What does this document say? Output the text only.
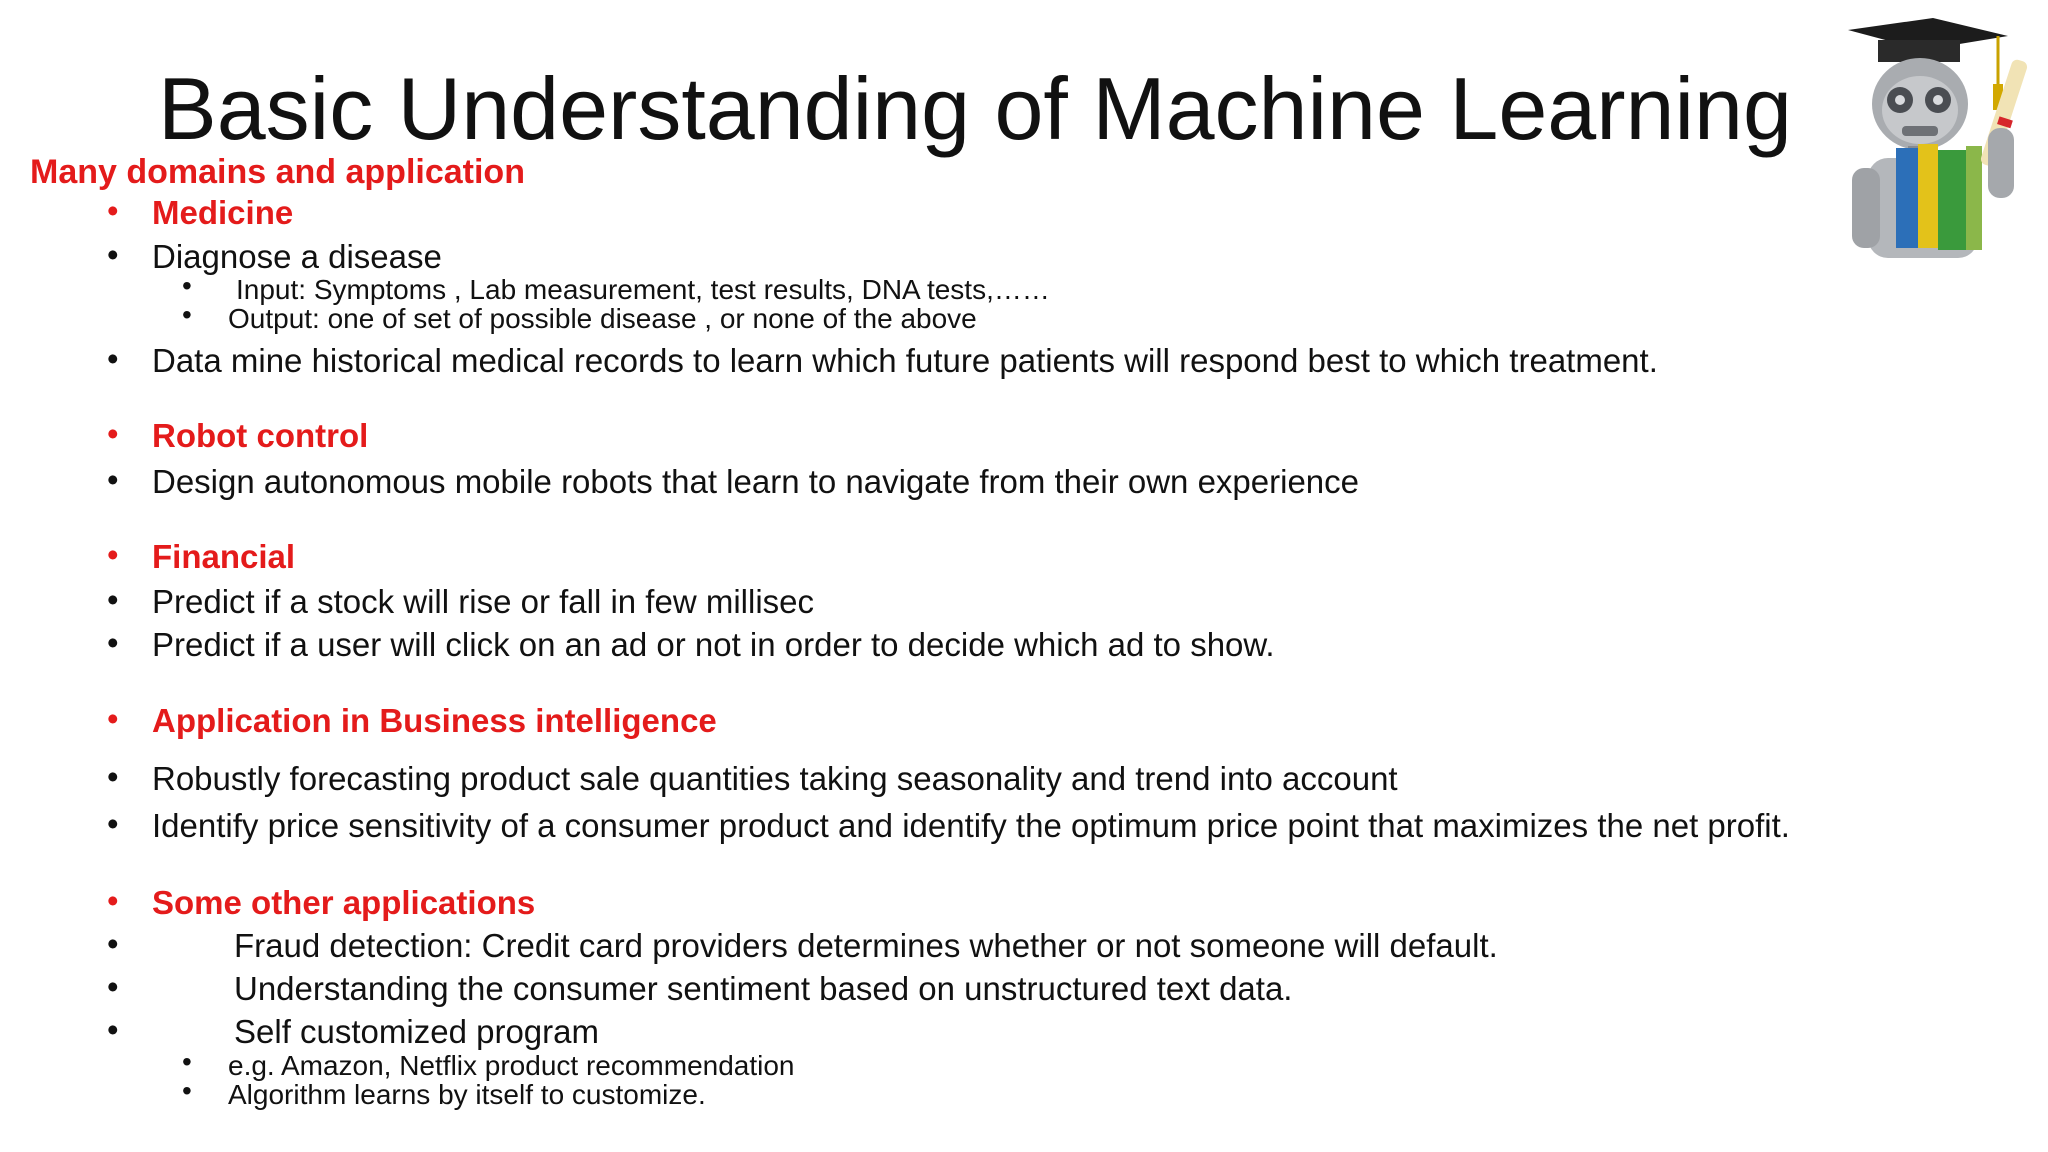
Basic Understanding of Machine Learning
Many domains and application
• Medicine
• Diagnose a disease
• Input: Symptoms , Lab measurement, test results, DNA tests,……
• Output: one of set of possible disease , or none of the above
• Data mine historical medical records to learn which future patients will respond best to which treatment.
• Robot control
• Design autonomous mobile robots that learn to navigate from their own experience
• Financial
• Predict if a stock will rise or fall in few millisec
• Predict if a user will click on an ad or not in order to decide which ad to show.
• Application in Business intelligence
• Robustly forecasting product sale quantities taking seasonality and trend into account
• Identify price sensitivity of a consumer product and identify the optimum price point that maximizes the net profit.
• Some other applications
•	Fraud detection: Credit card providers determines whether or not someone will default.
•	Understanding the consumer sentiment based on unstructured text data.
•	Self customized program
• e.g. Amazon, Netflix product recommendation
• Algorithm learns by itself to customize.
